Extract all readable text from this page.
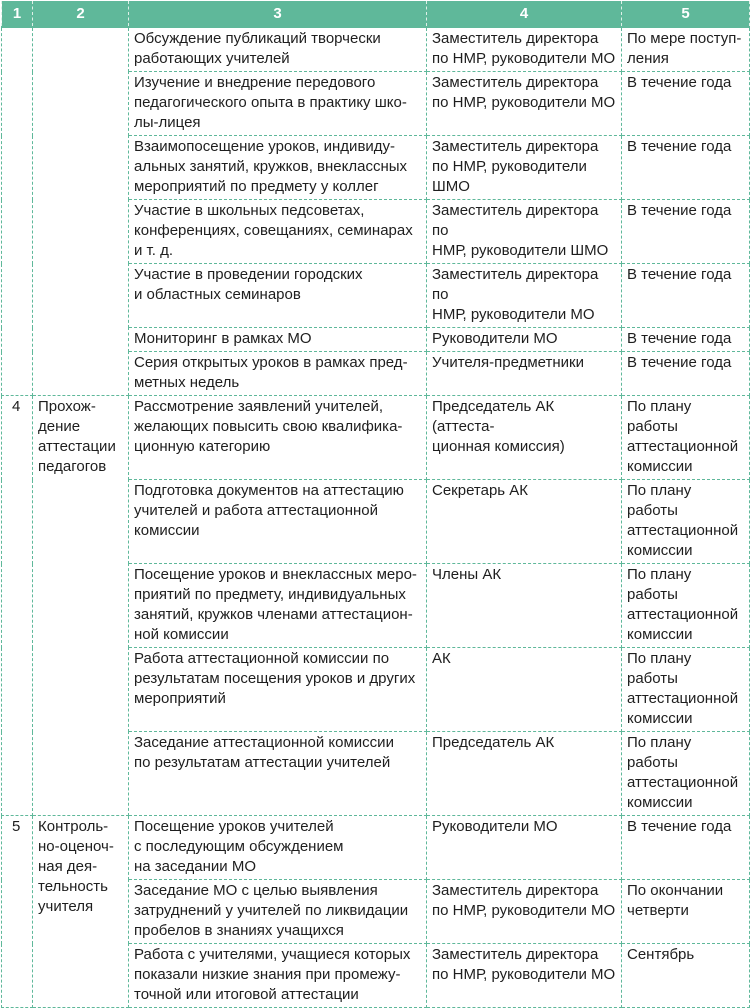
1	2	3	4	5
		Обсуждение публикаций творчески
работающих учителей	Заместитель директора
по НМР, руководители МО	По мере поступ-
ления
		Изучение и внедрение передового
педагогического опыта в практику шко-
лы-лицея	Заместитель директора
по НМР, руководители МО	В течение года
		Взаимопосещение уроков, индивиду-
альных занятий, кружков, внеклассных
мероприятий по предмету у коллег	Заместитель директора
по НМР, руководители
ШМО	В течение года
		Участие в школьных педсоветах,
конференциях, совещаниях, семинарах
и т. д.	Заместитель директора по
НМР, руководители ШМО	В течение года
		Участие в проведении городских
и областных семинаров	Заместитель директора по
НМР, руководители МО	В течение года
		Мониторинг в рамках МО	Руководители МО	В течение года
		Серия открытых уроков в рамках пред-
метных недель	Учителя-предметники	В течение года
4	Прохож-
дение
аттестации
педагогов	Рассмотрение заявлений учителей,
желающих повысить свою квалифика-
ционную категорию	Председатель АК (аттеста-
ционная комиссия)	По плану работы
аттестационной
комиссии
		Подготовка документов на аттестацию
учителей и работа аттестационной
комиссии	Секретарь АК	По плану работы
аттестационной
комиссии
		Посещение уроков и внеклассных меро-
приятий по предмету, индивидуальных
занятий, кружков членами аттестацион-
ной комиссии	Члены АК	По плану работы
аттестационной
комиссии
		Работа аттестационной комиссии по
результатам посещения уроков и других
мероприятий	АК	По плану работы
аттестационной
комиссии
		Заседание аттестационной комиссии
по результатам аттестации учителей	Председатель АК	По плану работы
аттестационной
комиссии
5	Контроль-
но-оценоч-
ная дея-
тельность
учителя	Посещение уроков учителей
с последующим обсуждением
на заседании МО	Руководители МО	В течение года
		Заседание МО с целью выявления
затруднений у учителей по ликвидации
пробелов в знаниях учащихся	Заместитель директора
по НМР, руководители МО	По окончании
четверти
		Работа с учителями, учащиеся которых
показали низкие знания при промежу-
точной или итоговой аттестации	Заместитель директора
по НМР, руководители МО	Сентябрь
